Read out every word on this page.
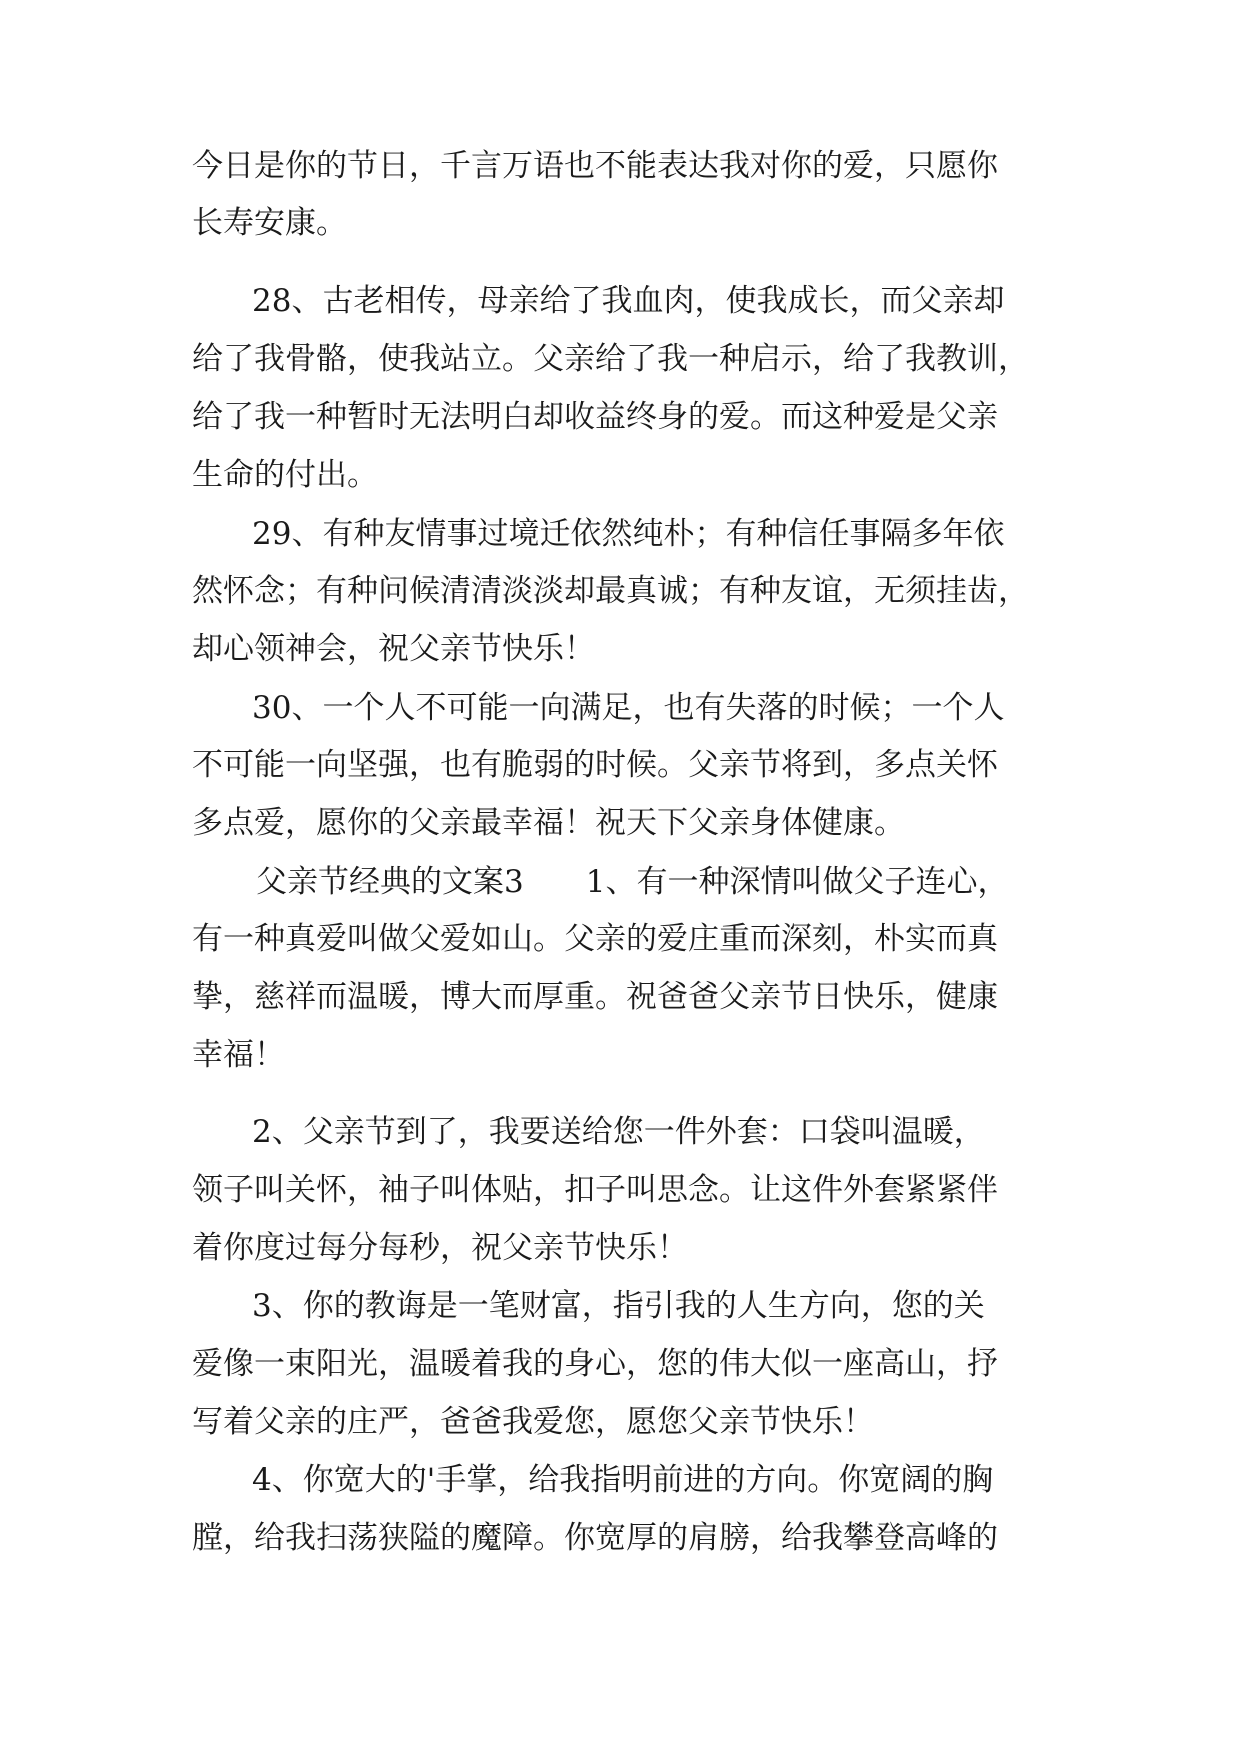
今日是你的节日，千言万语也不能表达我对你的爱，只愿你
长寿安康。
28、古老相传，母亲给了我血肉，使我成长，而父亲却
给了我骨骼，使我站立。父亲给了我一种启示，给了我教训，
给了我一种暂时无法明白却收益终身的爱。而这种爱是父亲
生命的付出。
29、有种友情事过境迁依然纯朴；有种信任事隔多年依
然怀念；有种问候清清淡淡却最真诚；有种友谊，无须挂齿，
却心领神会，祝父亲节快乐！
30、一个人不可能一向满足，也有失落的时候；一个人
不可能一向坚强，也有脆弱的时候。父亲节将到，多点关怀
多点爱，愿你的父亲最幸福！祝天下父亲身体健康。
父亲节经典的文案3　　1、有一种深情叫做父子连心，
有一种真爱叫做父爱如山。父亲的爱庄重而深刻，朴实而真
挚，慈祥而温暖，博大而厚重。祝爸爸父亲节日快乐，健康
幸福！
2、父亲节到了，我要送给您一件外套：口袋叫温暖，
领子叫关怀，袖子叫体贴，扣子叫思念。让这件外套紧紧伴
着你度过每分每秒，祝父亲节快乐！
3、你的教诲是一笔财富，指引我的人生方向，您的关
爱像一束阳光，温暖着我的身心，您的伟大似一座高山，抒
写着父亲的庄严，爸爸我爱您，愿您父亲节快乐！
4、你宽大的'手掌，给我指明前进的方向。你宽阔的胸
膛，给我扫荡狭隘的魔障。你宽厚的肩膀，给我攀登高峰的
